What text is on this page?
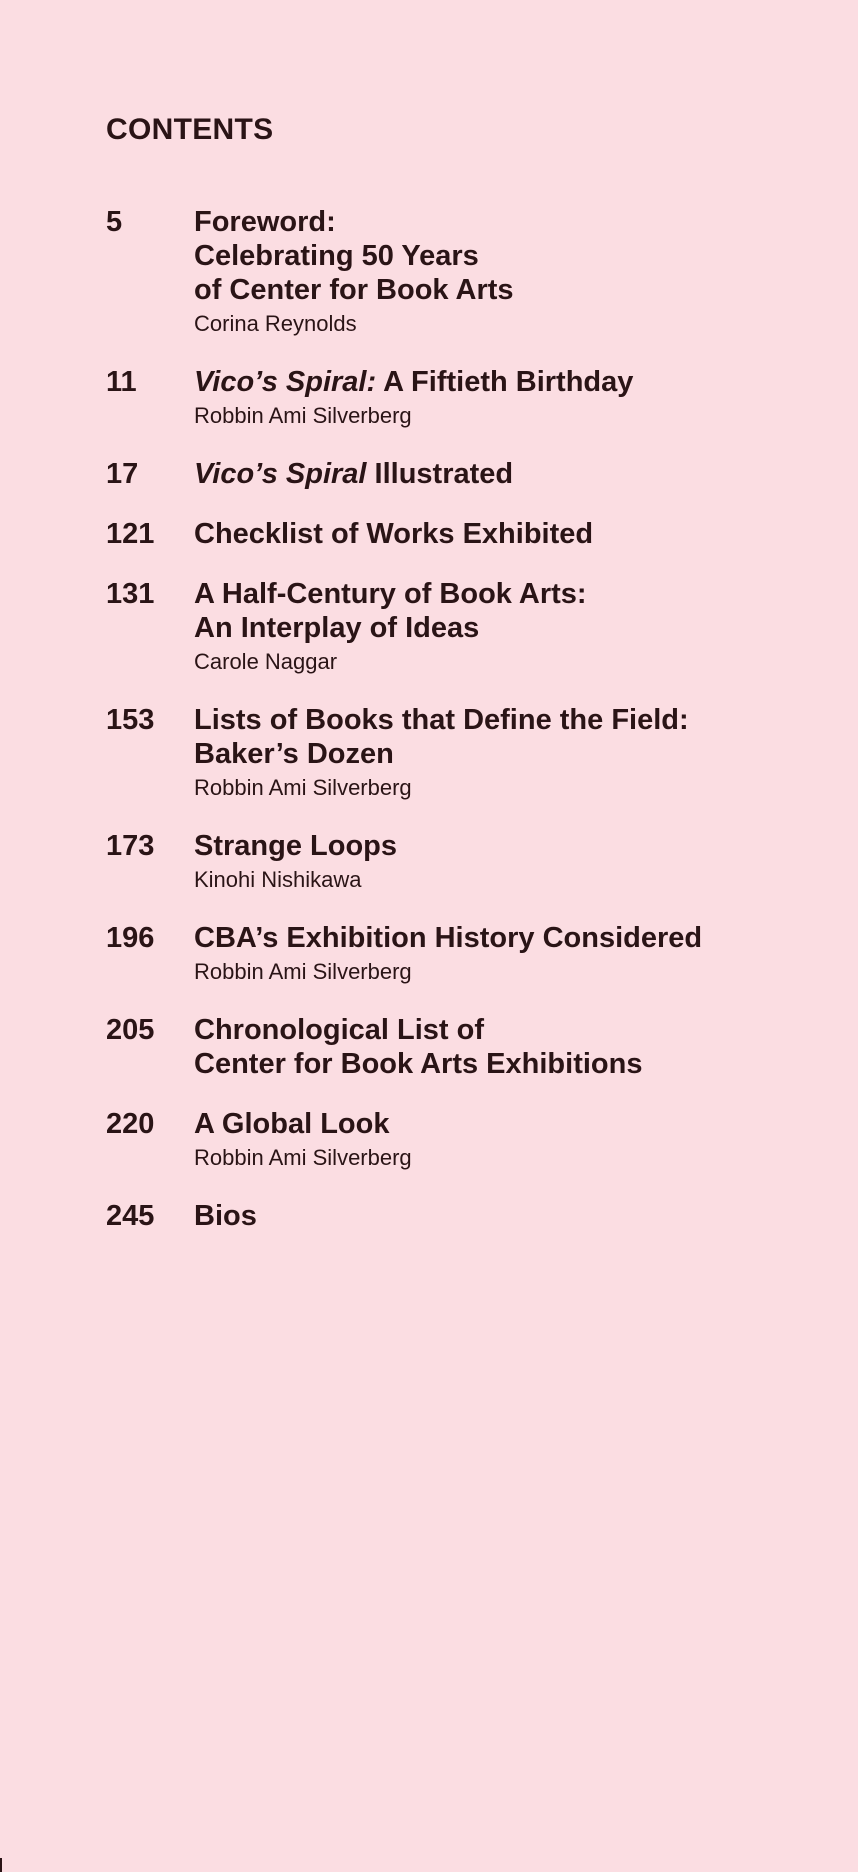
CONTENTS
5	Foreword:
Celebrating 50 Years
of Center for Book Arts
Corina Reynolds
11	Vico’s Spiral: A Fiftieth Birthday
Robbin Ami Silverberg
17	Vico’s Spiral Illustrated
121	Checklist of Works Exhibited
131	A Half-Century of Book Arts:
An Interplay of Ideas
Carole Naggar
153	Lists of Books that Define the Field:
Baker’s Dozen
Robbin Ami Silverberg
173	Strange Loops
Kinohi Nishikawa
196	CBA’s Exhibition History Considered
Robbin Ami Silverberg
205	Chronological List of
Center for Book Arts Exhibitions
220	A Global Look
Robbin Ami Silverberg
245	Bios
